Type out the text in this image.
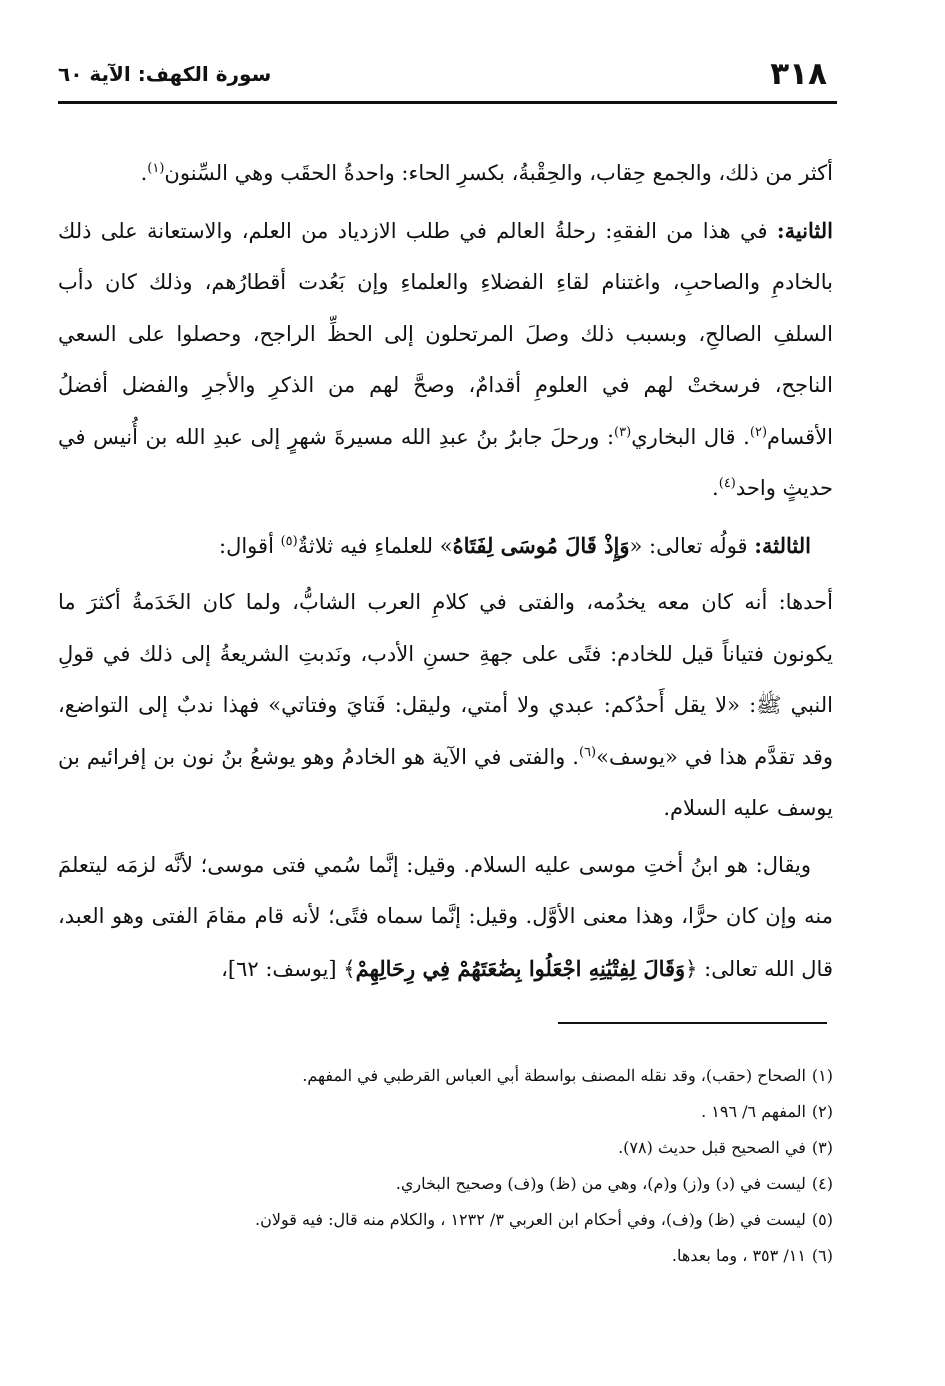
٣١٨
سورة الكهف: الآية ٦٠

أكثر من ذلك، والجمع حِقاب، والحِقْبةُ، بكسرِ الحاء: واحدةُ الحقَب وهي السِّنون$^{(١)}$.

الثانية: في هذا من الفقهِ: رحلةُ العالم في طلب الازدياد من العلم، والاستعانة على ذلك بالخادمِ والصاحبِ، واغتنام لقاءِ الفضلاءِ والعلماءِ وإن بَعُدت أقطارُهم، وذلك كان دأب السلفِ الصالحِ، وبسبب ذلك وصلَ المرتحلون إلى الحظِّ الراجح، وحصلوا على السعي الناجح، فرسختْ لهم في العلومِ أقدامٌ، وصحَّ لهم من الذكرِ والأجرِ والفضل أفضلُ الأقسام$^{(٢)}$. قال البخاري$^{(٣)}$: ورحلَ جابرُ بنُ عبدِ الله مسيرةَ شهرٍ إلى عبدِ الله بن أُنيس في حديثٍ واحد$^{(٤)}$.

الثالثة: قولُه تعالى: «وَإِذْ قَالَ مُوسَى لِفَتَاهُ» للعلماءِ فيه ثلاثةٌ$^{(٥)}$ أقوال:

أحدها: أنه كان معه يخدُمه، والفتى في كلامِ العرب الشابُّ، ولما كان الخَدَمةُ أكثرَ ما يكونون فتياناً قيل للخادم: فتًى على جهةِ حسنِ الأدب، ونَدبتِ الشريعةُ إلى ذلك في قولِ النبي ﷺ: «لا يقل أَحدُكم: عبدي ولا أمتي، وليقل: فَتايَ وفتاتي» فهذا ندبٌ إلى التواضع، وقد تقدَّم هذا في «يوسف»$^{(٦)}$. والفتى في الآية هو الخادمُ وهو يوشعُ بنُ نون بن إفرائيم بن يوسف عليه السلام.

ويقال: هو ابنُ أختِ موسى عليه السلام. وقيل: إنَّما سُمي فتى موسى؛ لأنَّه لزمَه ليتعلمَ منه وإن كان حرًّا، وهذا معنى الأوَّل. وقيل: إنَّما سماه فتًى؛ لأنه قام مقامَ الفتى وهو العبد، قال الله تعالى: ﴿وَقَالَ لِفِتْيَٰنِهِ اجْعَلُوا بِضَٰعَتَهُمْ فِي رِحَالِهِمْ﴾ [يوسف: ٦٢]،

(١)الصحاح (حقب)، وقد نقله المصنف بواسطة أبي العباس القرطبي في المفهم.

(٢)المفهم ٦/ ١٩٦ .

(٣)في الصحيح قبل حديث (٧٨).

(٤)ليست في (د) و(ز) و(م)، وهي من (ظ) و(ف) وصحيح البخاري.

(٥)ليست في (ظ) و(ف)، وفي أحكام ابن العربي ٣/ ١٢٣٢ ، والكلام منه قال: فيه قولان.

(٦)١١/ ٣٥٣ ، وما بعدها.
